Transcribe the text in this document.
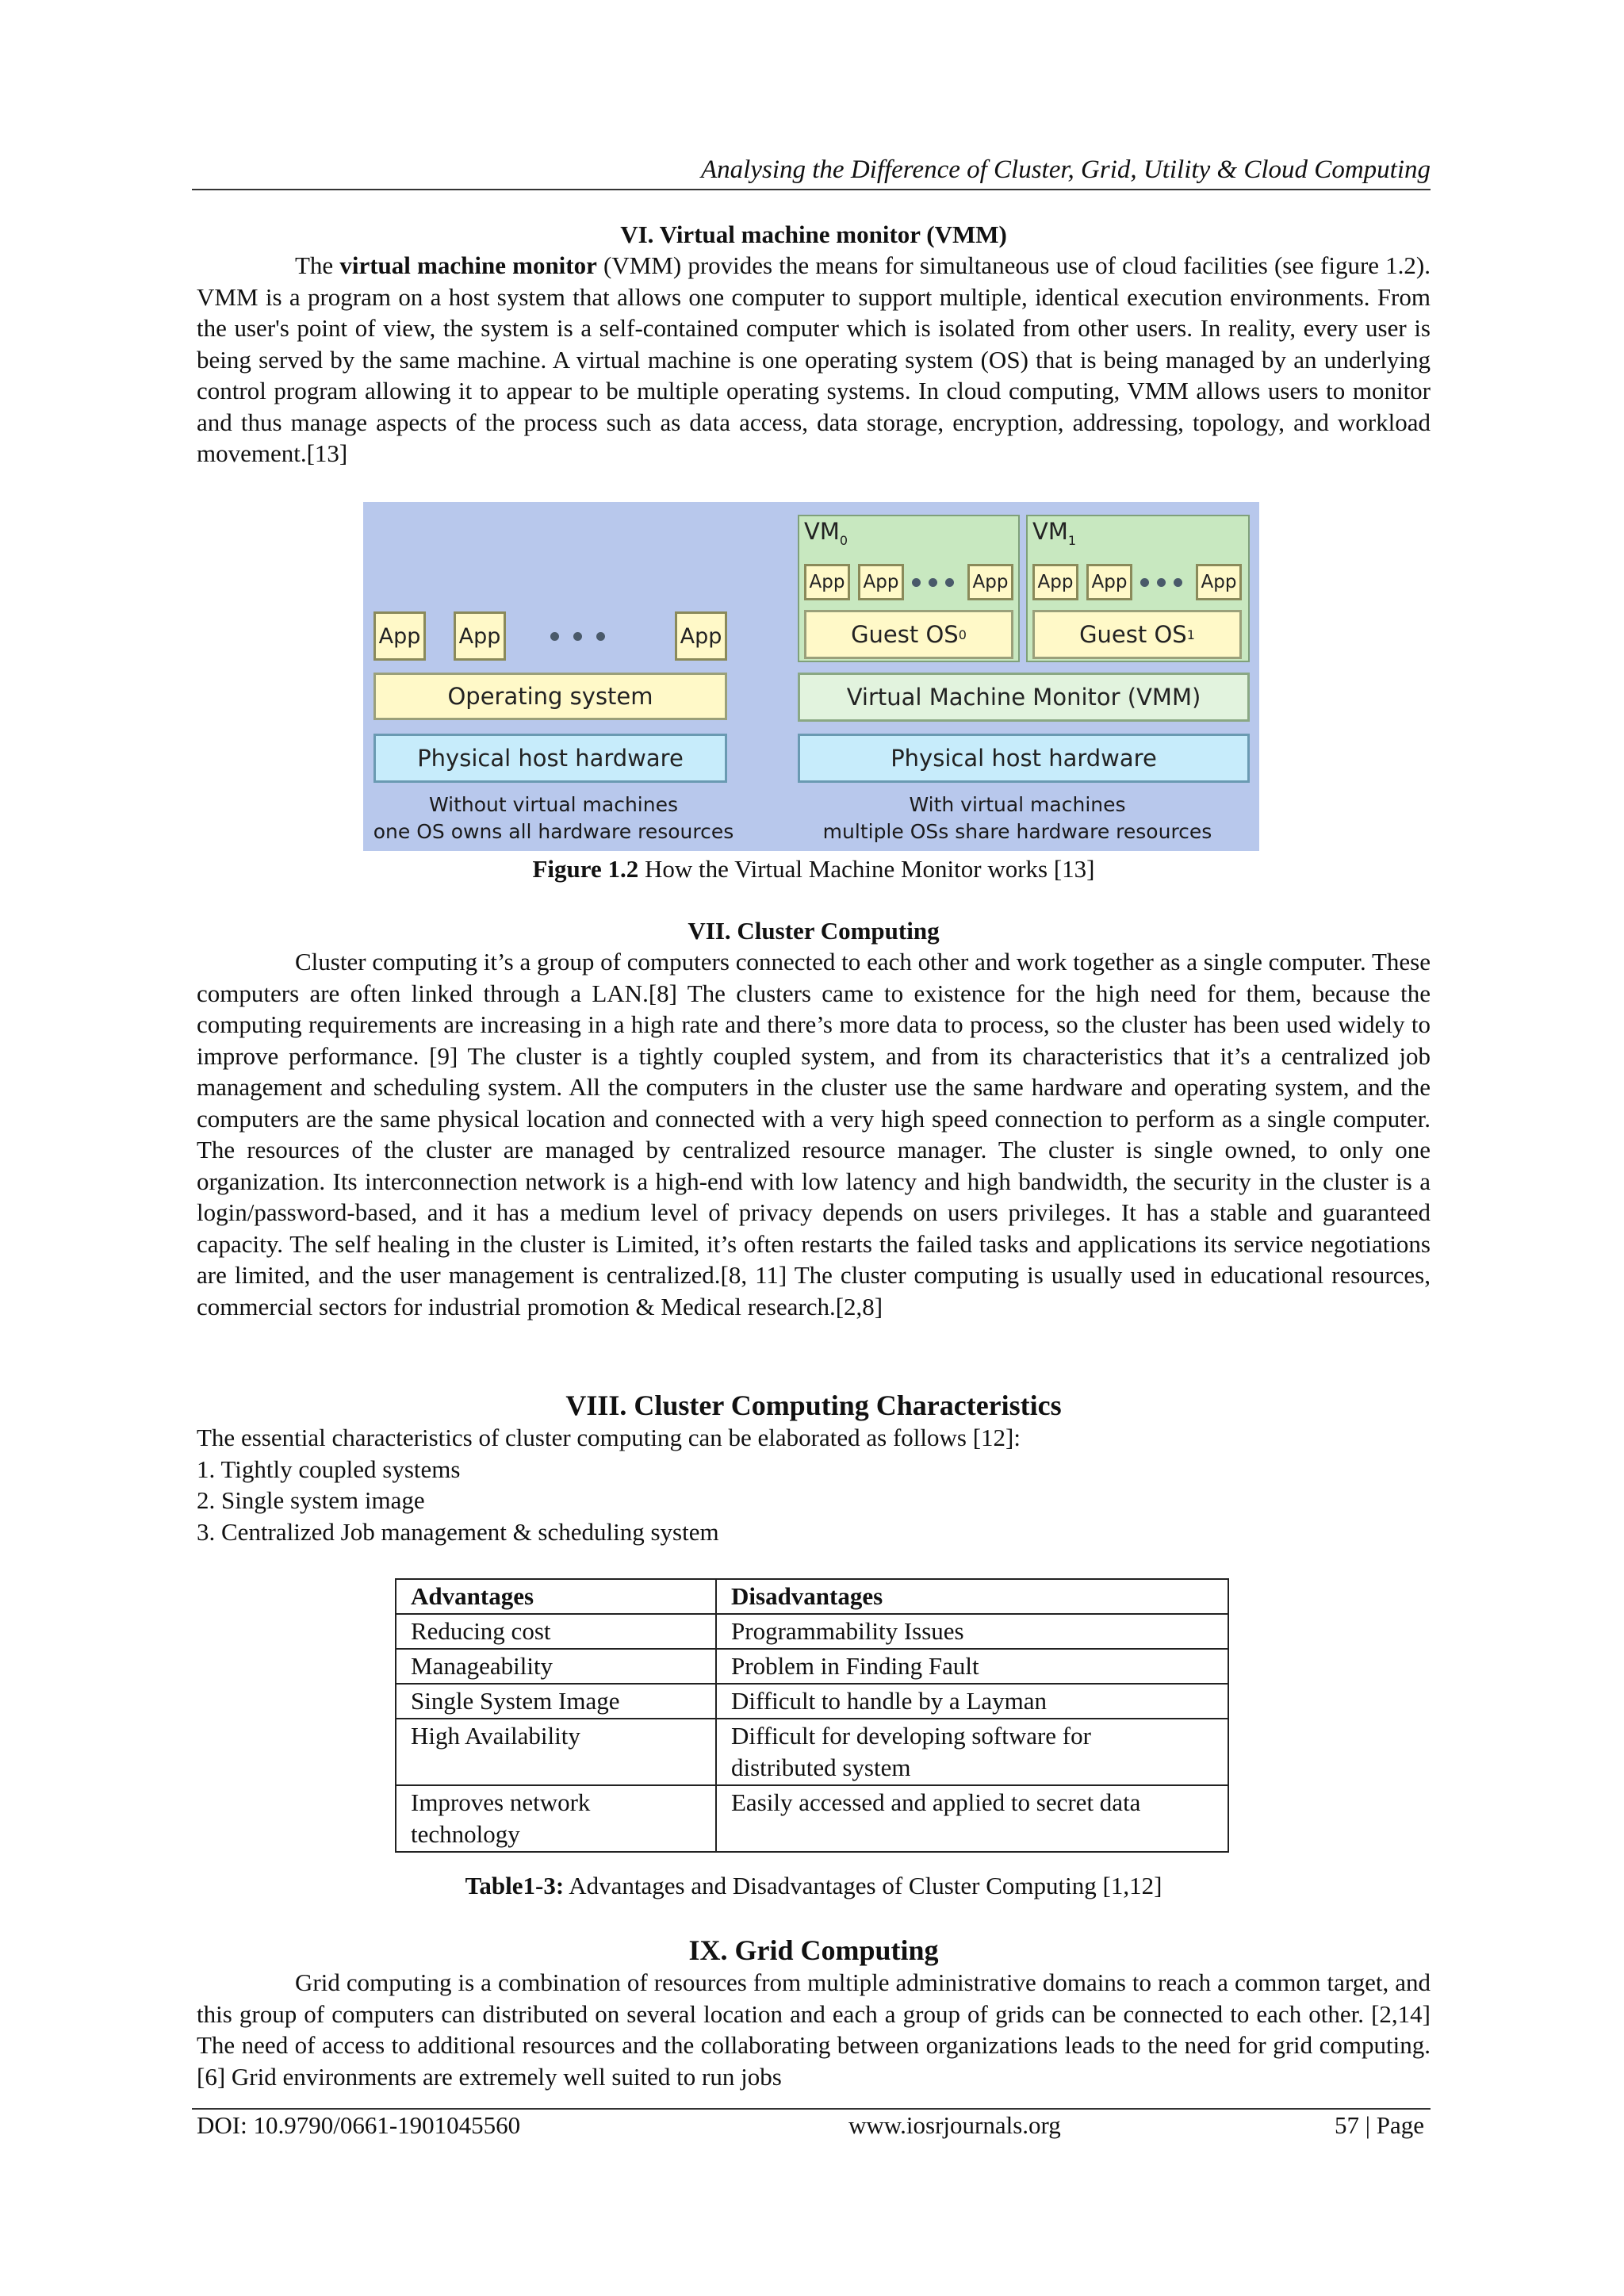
Analysing the Difference of Cluster, Grid, Utility & Cloud Computing
VI. Virtual machine monitor (VMM)
The virtual machine monitor (VMM) provides the means for simultaneous use of cloud facilities (see figure 1.2). VMM is a program on a host system that allows one computer to support multiple, identical execution environments. From the user's point of view, the system is a self-contained computer which is isolated from other users. In reality, every user is being served by the same machine. A virtual machine is one operating system (OS) that is being managed by an underlying control program allowing it to appear to be multiple operating systems. In cloud computing, VMM allows users to monitor and thus manage aspects of the process such as data access, data storage, encryption, addressing, topology, and workload movement.[13]
App App	App
Operating system
Physical host hardware
Without virtual machines
one OS owns all hardware resources
$VM_0$
App App	App
Guest OS 0
$VM_1$
App App	App
Guest OS 1
Virtual Machine Monitor (VMM)
Physical host hardware
With virtual machines
multiple OSs share hardware resources
Figure 1.2 How the Virtual Machine Monitor works [13]
VII. Cluster Computing
Cluster computing it’s a group of computers connected to each other and work together as a single computer. These computers are often linked through a LAN.[8] The clusters came to existence for the high need for them, because the computing requirements are increasing in a high rate and there’s more data to process, so the cluster has been used widely to improve performance. [9] The cluster is a tightly coupled system, and from its characteristics that it’s a centralized job management and scheduling system. All the computers in the cluster use the same hardware and operating system, and the computers are the same physical location and connected with a very high speed connection to perform as a single computer. The resources of the cluster are managed by centralized resource manager. The cluster is single owned, to only one organization. Its interconnection network is a high-end with low latency and high bandwidth, the security in the cluster is a login/password-based, and it has a medium level of privacy depends on users privileges. It has a stable and guaranteed capacity. The self healing in the cluster is Limited, it’s often restarts the failed tasks and applications its service negotiations are limited, and the user management is centralized.[8, 11] The cluster computing is usually used in educational resources, commercial sectors for industrial promotion & Medical research.[2,8]
VIII. Cluster Computing Characteristics
The essential characteristics of cluster computing can be elaborated as follows [12]:
1. Tightly coupled systems
2. Single system image
3. Centralized Job management & scheduling system
Advantages	Disadvantages
Reducing cost	Programmability Issues
Manageability	Problem in Finding Fault
Single System Image	Difficult to handle by a Layman
High Availability	Difficult for developing software for distributed system
Improves network technology	Easily accessed and applied to secret data
Table1-3: Advantages and Disadvantages of Cluster Computing [1,12]
IX. Grid Computing
Grid computing is a combination of resources from multiple administrative domains to reach a common target, and this group of computers can distributed on several location and each a group of grids can be connected to each other. [2,14] The need of access to additional resources and the collaborating between organizations leads to the need for grid computing. [6] Grid environments are extremely well suited to run jobs
DOI: 10.9790/0661-1901045560	www.iosrjournals.org	57 | Page
